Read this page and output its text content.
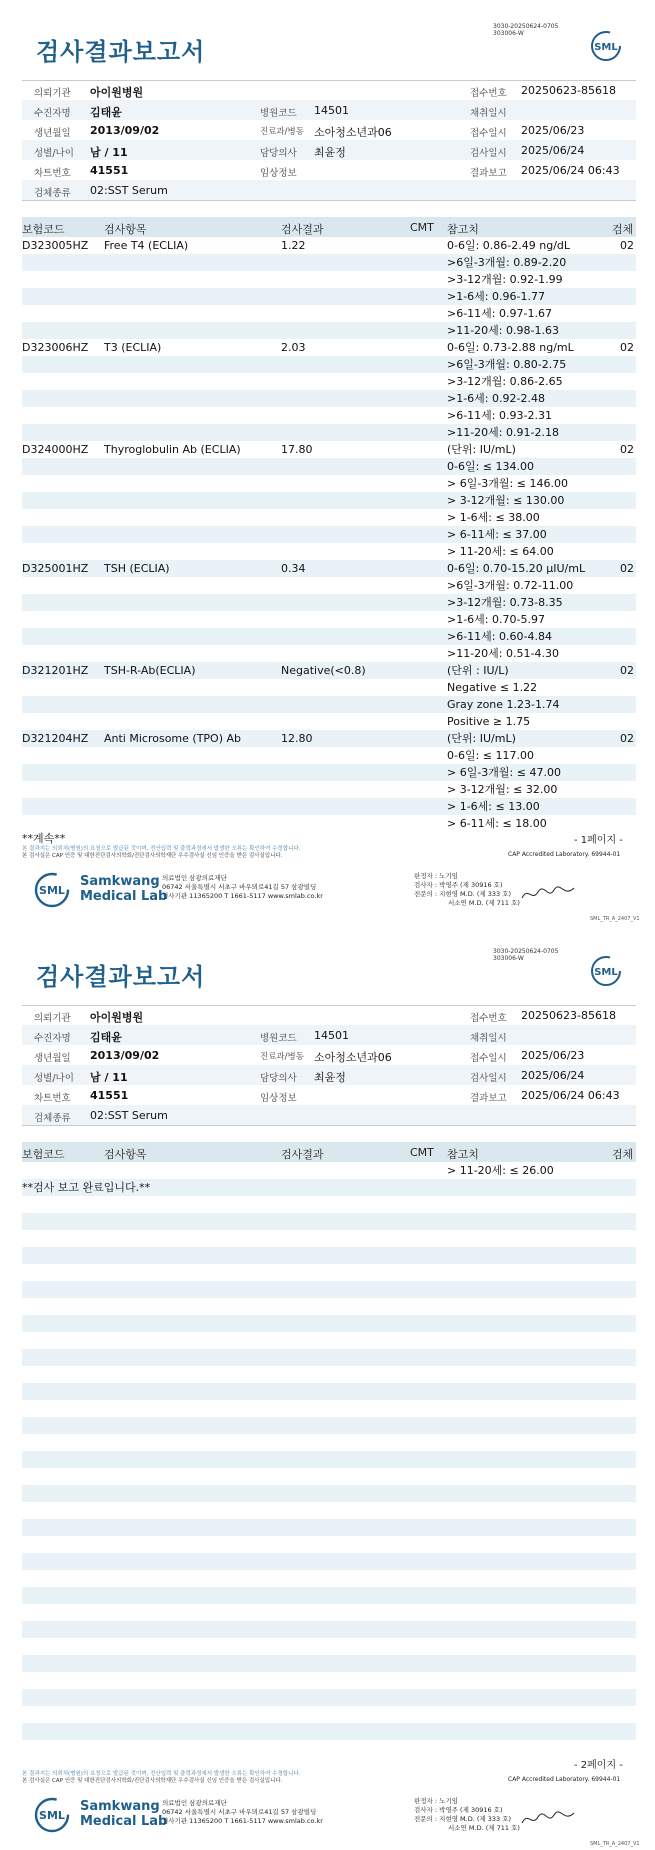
3030-20250624-0705
303006-W
검사결과보고서	SML
의뢰기관 아이원병원	접수번호 20250623-85618
수진자명 김태윤	병원코드 14501	채취일시
생년월일 2013/09/02	진료과/병동 소아청소년과06	접수일시 2025/06/23
성별/나이 남 / 11	담당의사 최윤정	검사일시 2025/06/24
차트번호 41551	임상정보	결과보고 2025/06/24 06:43
검체종류 02:SST Serum
보험코드	검사항목	검사결과	CMT 참고치	검체
D323005HZ Free T4 (ECLIA)	1.22	0-6일: 0.86-2.49 ng/dL	02
>6일-3개월: 0.89-2.20
>3-12개월: 0.92-1.99
>1-6세: 0.96-1.77
>6-11세: 0.97-1.67
>11-20세: 0.98-1.63
D323006HZ T3 (ECLIA)	2.03	0-6일: 0.73-2.88 ng/mL	02
>6일-3개월: 0.80-2.75
>3-12개월: 0.86-2.65
>1-6세: 0.92-2.48
>6-11세: 0.93-2.31
>11-20세: 0.91-2.18
D324000HZ Thyroglobulin Ab (ECLIA)	17.80	(단위: IU/mL)	02
0-6일: ≤ 134.00
> 6일-3개월: ≤ 146.00
> 3-12개월: ≤ 130.00
> 1-6세: ≤ 38.00
> 6-11세: ≤ 37.00
> 11-20세: ≤ 64.00
D325001HZ TSH (ECLIA)	0.34	0-6일: 0.70-15.20 μIU/mL	02
>6일-3개월: 0.72-11.00
>3-12개월: 0.73-8.35
>1-6세: 0.70-5.97
>6-11세: 0.60-4.84
>11-20세: 0.51-4.30
D321201HZ TSH-R-Ab(ECLIA)	Negative(<0.8)	(단위 : IU/L)	02
Negative ≤ 1.22
Gray zone 1.23-1.74
Positive ≥ 1.75
D321204HZ Anti Microsome (TPO) Ab	12.80	(단위: IU/mL)	02
0-6일: ≤ 117.00
> 6일-3개월: ≤ 47.00
> 3-12개월: ≤ 32.00
> 1-6세: ≤ 13.00
> 6-11세: ≤ 18.00
**계속**	- 1페이지 -
본 결과지는 의뢰처(병원)의 요청으로 발급된 것이며, 전산입력 및 출력과정에서 발생한 오류는 확인하여 수정합니다.
본 검사실은 CAP 인증 및 대한진단검사의학회/진단검사의학재단 우수검사실 신임 인증을 받은 검사실입니다.	CAP Accredited Laboratory. 69944-01
SML
Samkwang
Medical Lab
의료법인 삼광의료재단
06742 서울특별시 서초구 바우뫼로41길 57 삼광빌딩
검사기관 11365200 T 1661-5117 www.smlab.co.kr
판정자 : 노기임
검사자 : 박영주 (제 30916 호)
전문의 : 지현영 M.D. (제 333 호)
서소연 M.D. (제 711 호)
SML_TR_A_2407_V1
3030-20250624-0705
303006-W
검사결과보고서	SML
의뢰기관 아이원병원	접수번호 20250623-85618
수진자명 김태윤	병원코드 14501	채취일시
생년월일 2013/09/02	진료과/병동 소아청소년과06	접수일시 2025/06/23
성별/나이 남 / 11	담당의사 최윤정	검사일시 2025/06/24
차트번호 41551	임상정보	결과보고 2025/06/24 06:43
검체종류 02:SST Serum
보험코드	검사항목	검사결과	CMT 참고치	검체
> 11-20세: ≤ 26.00
**검사 보고 완료입니다.**
- 2페이지 -
본 결과지는 의뢰처(병원)의 요청으로 발급된 것이며, 전산입력 및 출력과정에서 발생한 오류는 확인하여 수정합니다.
본 검사실은 CAP 인증 및 대한진단검사의학회/진단검사의학재단 우수검사실 신임 인증을 받은 검사실입니다.	CAP Accredited Laboratory. 69944-01
SML
Samkwang
Medical Lab
의료법인 삼광의료재단
06742 서울특별시 서초구 바우뫼로41길 57 삼광빌딩
검사기관 11365200 T 1661-5117 www.smlab.co.kr
판정자 : 노기임
검사자 : 박영주 (제 30916 호)
전문의 : 지현영 M.D. (제 333 호)
서소연 M.D. (제 711 호)
SML_TR_A_2407_V1
